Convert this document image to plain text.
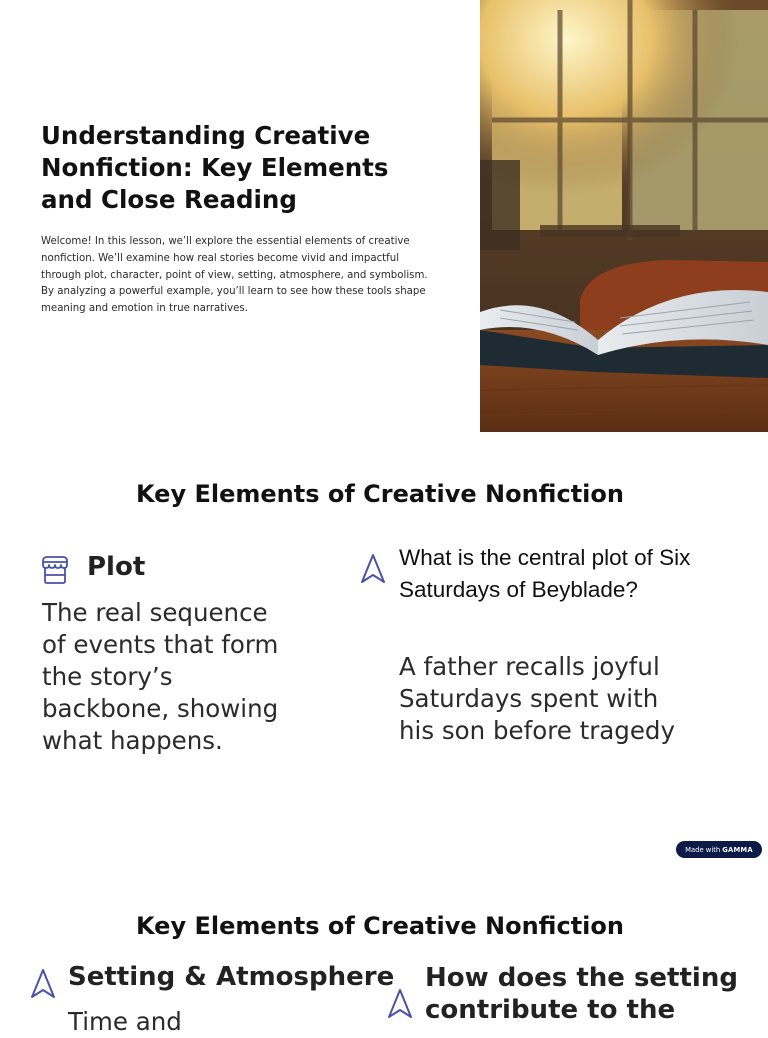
Understanding Creative Nonfiction: Key Elements and Close Reading

Welcome! In this lesson, we’ll explore the essential elements of creative nonfiction. We’ll examine how real stories become vivid and impactful through plot, character, point of view, setting, atmosphere, and symbolism. By analyzing a powerful example, you’ll learn to see how these tools shape meaning and emotion in true narratives.

Key Elements of Creative Nonfiction
Plot

The real sequence of events that form the story’s backbone, showing what happens.

What is the central plot of Six Saturdays of Beyblade?

A father recalls joyful Saturdays spent with his son before tragedy

Made with GAMMA
Key Elements of Creative Nonfiction
Setting & Atmosphere

Time and

How does the setting contribute to the
